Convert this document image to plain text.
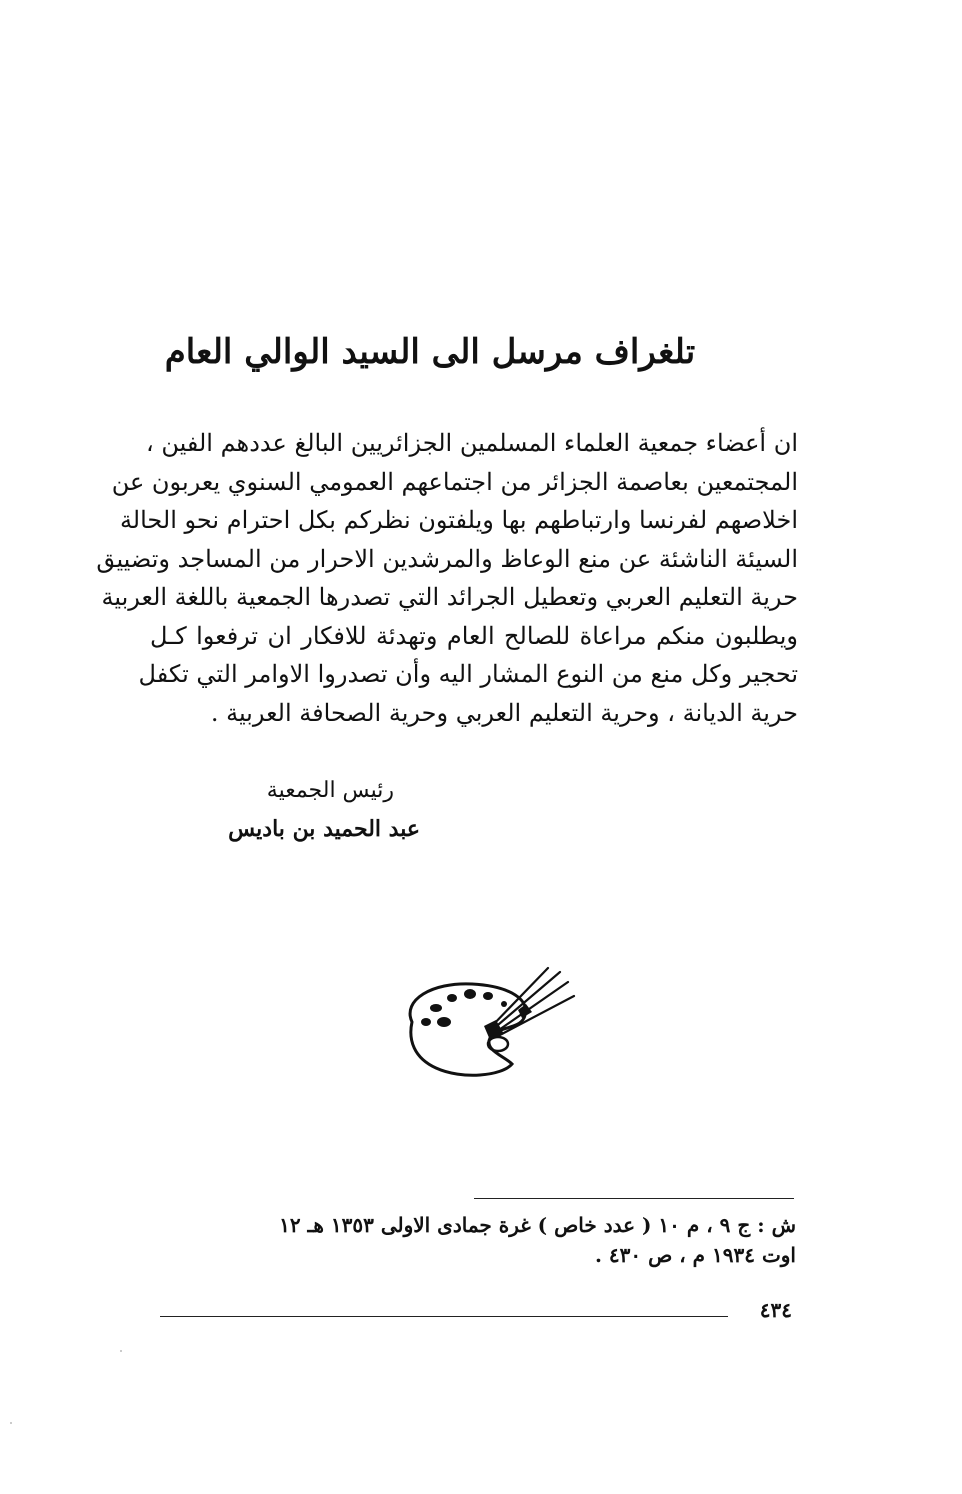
تلغراف مرسل الى السيد الوالي العام
ان أعضاء جمعية العلماء المسلمين الجزائريين البالغ عددهم الفين ،
المجتمعين بعاصمة الجزائر من اجتماعهم العمومي السنوي يعربون عن
اخلاصهم لفرنسا وارتباطهم بها ويلفتون نظركم بكل احترام نحو الحالة
السيئة الناشئة عن منع الوعاظ والمرشدين الاحرار من المساجد وتضييق
حرية التعليم العربي وتعطيل الجرائد التي تصدرها الجمعية باللغة العربية
ويطلبون منكم مراعاة للصالح العام وتهدئة للافكار ان ترفعوا كـل
تحجير وكل منع من النوع المشار اليه وأن تصدروا الاوامر التي تكفل
حرية الديانة ، وحرية التعليم العربي وحرية الصحافة العربية .
رئيس الجمعية
عبد الحميد بن باديس
ش : ج ٩ ، م ١٠ ( عدد خاص ) غرة جمادى الاولى ١٣٥٣ هـ ١٢
اوت ١٩٣٤ م ، ص ٤٣٠ .
٤٣٤
